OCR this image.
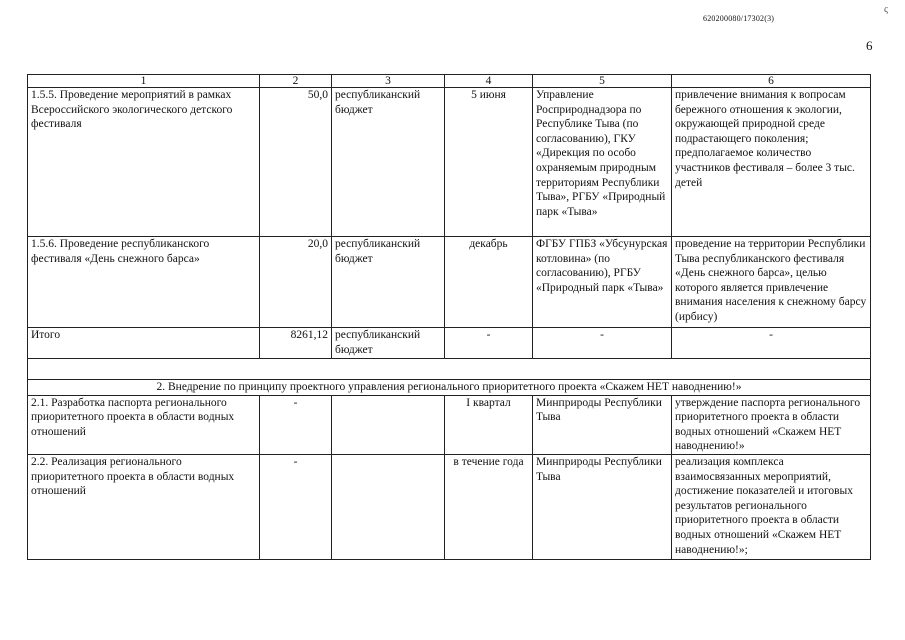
620200080/17302(3)
ς
6
1	2	3	4	5	6
1.5.5. Проведение мероприятий в рамках Всероссийского экологического детского фестиваля	50,0	республиканский бюджет	5 июня	Управление Росприроднадзора по Республике Тыва (по согласованию), ГКУ «Дирекция по особо охраняемым природным территориям Республики Тыва», РГБУ «Природный парк «Тыва»	привлечение внимания к вопросам бережного отношения к экологии, окружающей природной среде подрастающего поколения; предполагаемое количество участников фестиваля – более 3 тыс. детей
1.5.6. Проведение республиканского фестиваля «День снежного барса»	20,0	республиканский бюджет	декабрь	ФГБУ ГПБЗ «Убсунурская котловина» (по согласованию), РГБУ «Природный парк «Тыва»	проведение на территории Республики Тыва республиканского фестиваля «День снежного барса», целью которого является привлечение внимания населения к снежному барсу (ирбису)
Итого	8261,12	республиканский бюджет	-	-	-

2. Внедрение по принципу проектного управления регионального приоритетного проекта «Скажем НЕТ наводнению!»					
2.1. Разработка паспорта регионального приоритетного проекта в области водных отношений	-		I квартал	Минприроды Республики Тыва	утверждение паспорта регионального приоритетного проекта в области водных отношений «Скажем НЕТ наводнению!»
2.2. Реализация регионального приоритетного проекта в области водных отношений	-		в течение года	Минприроды Республики Тыва	реализация комплекса взаимосвязанных мероприятий, достижение показателей и итоговых результатов регионального приоритетного проекта в области водных отношений «Скажем НЕТ наводнению!»;
